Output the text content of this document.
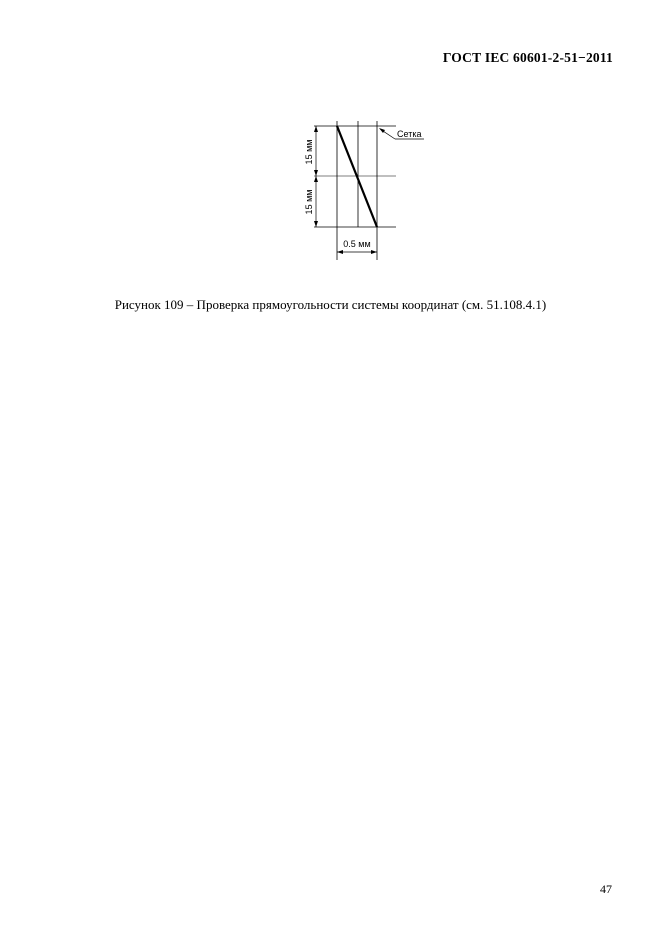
ГОСТ IEC 60601-2-51−2011
15 мм
15 мм
0.5 мм
Сетка
Рисунок 109 – Проверка прямоугольности системы координат (см. 51.108.4.1)
47
